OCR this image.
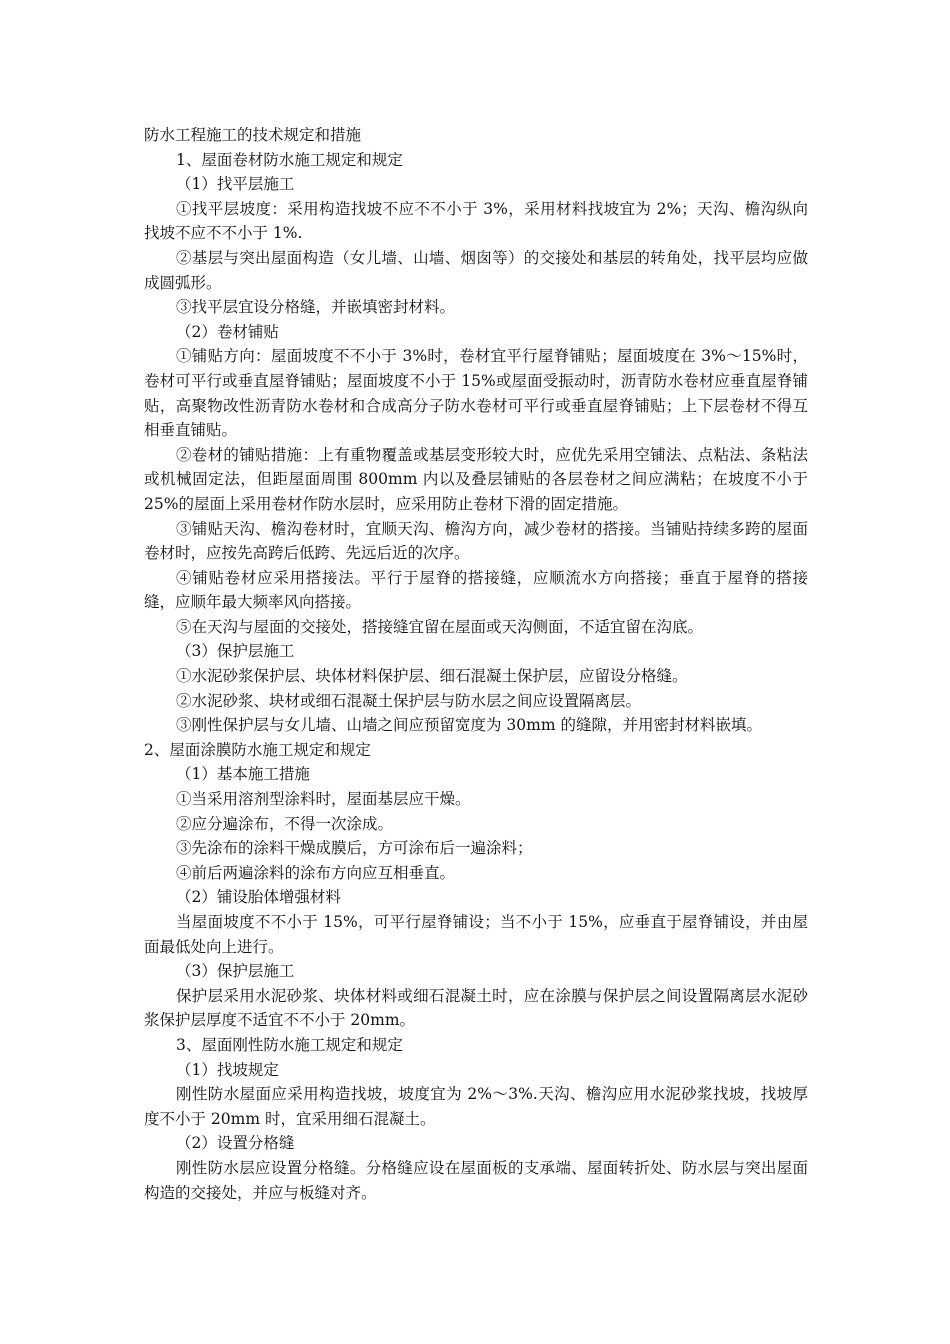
防水工程施工的技术规定和措施
1、屋面卷材防水施工规定和规定
（1）找平层施工
①找平层坡度：采用构造找坡不应不不小于 3%，采用材料找坡宜为 2%；天沟、檐沟纵向找坡不应不不小于 1%.
②基层与突出屋面构造（女儿墙、山墙、烟囱等）的交接处和基层的转角处，找平层均应做成圆弧形。
③找平层宜设分格缝，并嵌填密封材料。
（2）卷材铺贴
①铺贴方向：屋面坡度不不小于 3%时，卷材宜平行屋脊铺贴；屋面坡度在 3%～15%时，卷材可平行或垂直屋脊铺贴；屋面坡度不小于 15%或屋面受振动时，沥青防水卷材应垂直屋脊铺贴，高聚物改性沥青防水卷材和合成高分子防水卷材可平行或垂直屋脊铺贴；上下层卷材不得互相垂直铺贴。
②卷材的铺贴措施：上有重物覆盖或基层变形较大时，应优先采用空铺法、点粘法、条粘法或机械固定法，但距屋面周围 800mm 内以及叠层铺贴的各层卷材之间应满粘；在坡度不小于 25%的屋面上采用卷材作防水层时，应采用防止卷材下滑的固定措施。
③铺贴天沟、檐沟卷材时，宜顺天沟、檐沟方向，减少卷材的搭接。当铺贴持续多跨的屋面卷材时，应按先高跨后低跨、先远后近的次序。
④铺贴卷材应采用搭接法。平行于屋脊的搭接缝，应顺流水方向搭接；垂直于屋脊的搭接缝，应顺年最大频率风向搭接。
⑤在天沟与屋面的交接处，搭接缝宜留在屋面或天沟侧面，不适宜留在沟底。
（3）保护层施工
①水泥砂浆保护层、块体材料保护层、细石混凝土保护层，应留设分格缝。
②水泥砂浆、块材或细石混凝土保护层与防水层之间应设置隔离层。
③刚性保护层与女儿墙、山墙之间应预留宽度为 30mm 的缝隙，并用密封材料嵌填。
2、屋面涂膜防水施工规定和规定
（1）基本施工措施
①当采用溶剂型涂料时，屋面基层应干燥。
②应分遍涂布，不得一次涂成。
③先涂布的涂料干燥成膜后，方可涂布后一遍涂料；
④前后两遍涂料的涂布方向应互相垂直。
（2）铺设胎体增强材料
当屋面坡度不不小于 15%，可平行屋脊铺设；当不小于 15%，应垂直于屋脊铺设，并由屋面最低处向上进行。
（3）保护层施工
保护层采用水泥砂浆、块体材料或细石混凝土时，应在涂膜与保护层之间设置隔离层水泥砂浆保护层厚度不适宜不不小于 20mm。
3、屋面刚性防水施工规定和规定
（1）找坡规定
刚性防水屋面应采用构造找坡，坡度宜为 2%～3%.天沟、檐沟应用水泥砂浆找坡，找坡厚度不小于 20mm 时，宜采用细石混凝土。
（2）设置分格缝
刚性防水层应设置分格缝。分格缝应设在屋面板的支承端、屋面转折处、防水层与突出屋面构造的交接处，并应与板缝对齐。
